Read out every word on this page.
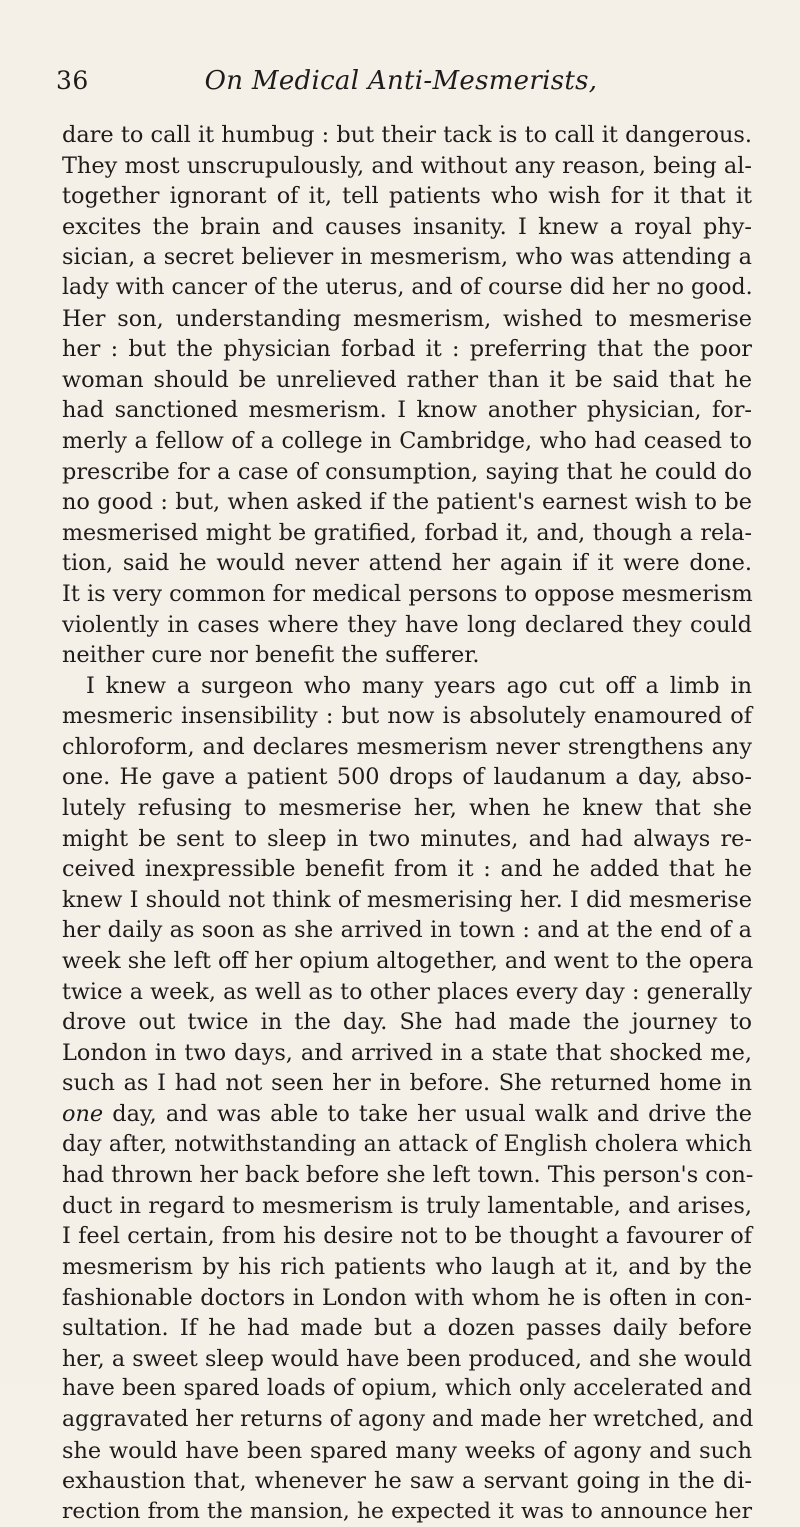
36	On Medical Anti-Mesmerists,
dare to call it humbug : but their tack is to call it dangerous.
They most unscrupulously, and without any reason, being al-
together ignorant of it, tell patients who wish for it that it
excites the brain and causes insanity. I knew a royal phy-
sician, a secret believer in mesmerism, who was attending a
lady with cancer of the uterus, and of course did her no good.
Her son, understanding mesmerism, wished to mesmerise
her : but the physician forbad it : preferring that the poor
woman should be unrelieved rather than it be said that he
had sanctioned mesmerism. I know another physician, for-
merly a fellow of a college in Cambridge, who had ceased to
prescribe for a case of consumption, saying that he could do
no good : but, when asked if the patient's earnest wish to be
mesmerised might be gratified, forbad it, and, though a rela-
tion, said he would never attend her again if it were done.
It is very common for medical persons to oppose mesmerism
violently in cases where they have long declared they could
neither cure nor benefit the sufferer.
I knew a surgeon who many years ago cut off a limb in
mesmeric insensibility : but now is absolutely enamoured of
chloroform, and declares mesmerism never strengthens any
one. He gave a patient 500 drops of laudanum a day, abso-
lutely refusing to mesmerise her, when he knew that she
might be sent to sleep in two minutes, and had always re-
ceived inexpressible benefit from it : and he added that he
knew I should not think of mesmerising her. I did mesmerise
her daily as soon as she arrived in town : and at the end of a
week she left off her opium altogether, and went to the opera
twice a week, as well as to other places every day : generally
drove out twice in the day. She had made the journey to
London in two days, and arrived in a state that shocked me,
such as I had not seen her in before. She returned home in
one day, and was able to take her usual walk and drive the
day after, notwithstanding an attack of English cholera which
had thrown her back before she left town. This person's con-
duct in regard to mesmerism is truly lamentable, and arises,
I feel certain, from his desire not to be thought a favourer of
mesmerism by his rich patients who laugh at it, and by the
fashionable doctors in London with whom he is often in con-
sultation. If he had made but a dozen passes daily before
her, a sweet sleep would have been produced, and she would
have been spared loads of opium, which only accelerated and
aggravated her returns of agony and made her wretched, and
she would have been spared many weeks of agony and such
exhaustion that, whenever he saw a servant going in the di-
rection from the mansion, he expected it was to announce her
